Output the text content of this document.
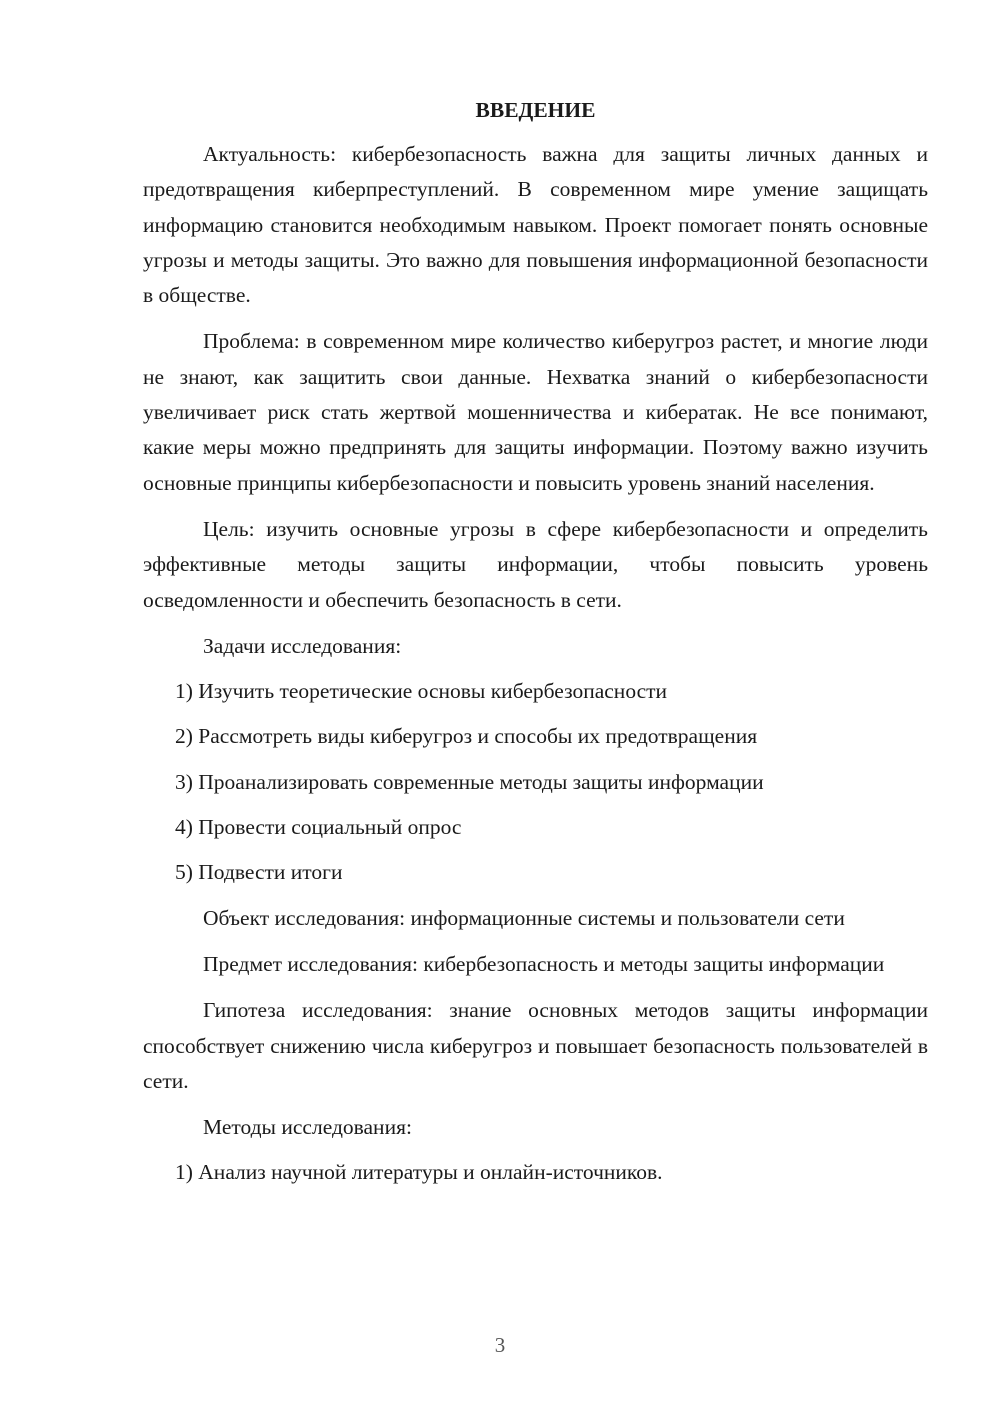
ВВЕДЕНИЕ

Актуальность: кибербезопасность важна для защиты личных данных и предотвращения киберпреступлений. В современном мире умение защищать информацию становится необходимым навыком. Проект помогает понять основные угрозы и методы защиты. Это важно для повышения информационной безопасности в обществе.

Проблема: в современном мире количество киберугроз растет, и многие люди не знают, как защитить свои данные. Нехватка знаний о кибербезопасности увеличивает риск стать жертвой мошенничества и кибератак. Не все понимают, какие меры можно предпринять для защиты информации. Поэтому важно изучить основные принципы кибербезопасности и повысить уровень знаний населения.

Цель: изучить основные угрозы в сфере кибербезопасности и определить эффективные методы защиты информации, чтобы повысить уровень осведомленности и обеспечить безопасность в сети.

Задачи исследования:
1) Изучить теоретические основы кибербезопасности
2) Рассмотреть виды киберугроз и способы их предотвращения
3) Проанализировать современные методы защиты информации
4) Провести социальный опрос
5) Подвести итоги

Объект исследования: информационные системы и пользователи сети

Предмет исследования: кибербезопасность и методы защиты информации

Гипотеза исследования: знание основных методов защиты информации способствует снижению числа киберугроз и повышает безопасность пользователей в сети.

Методы исследования:
1) Анализ научной литературы и онлайн-источников.
3
